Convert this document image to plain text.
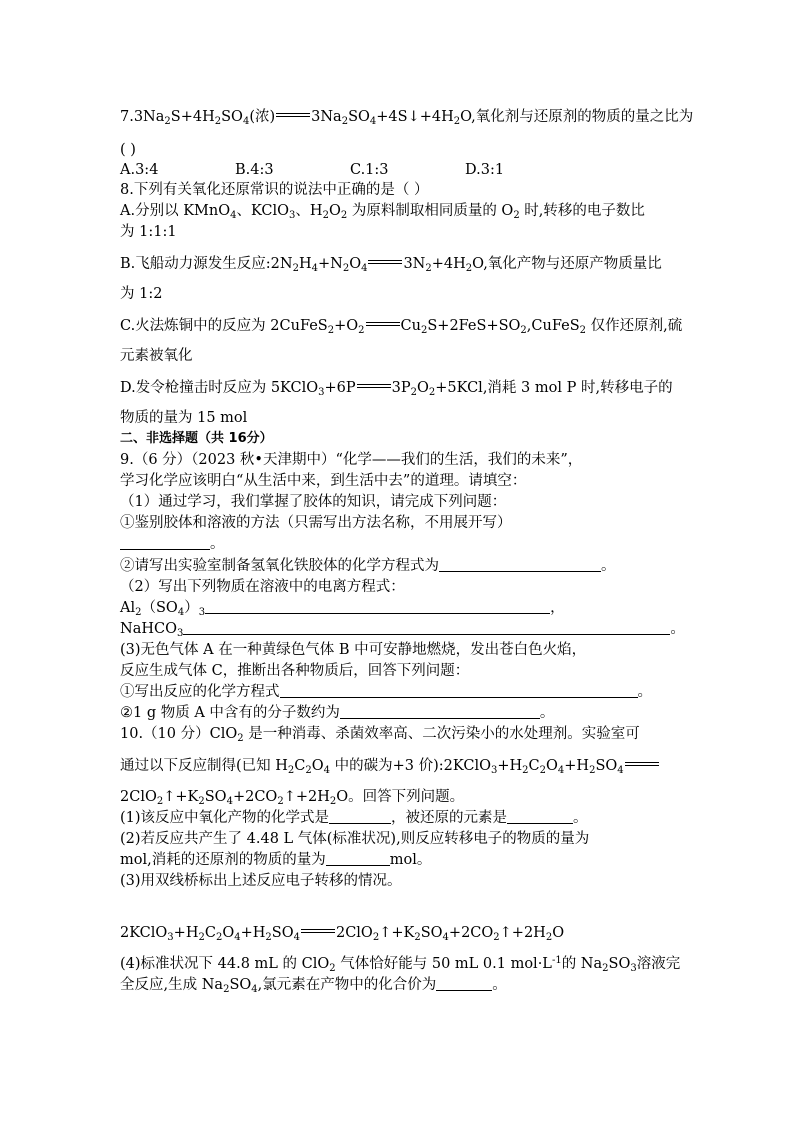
$7.3Na_2S+4H_2SO_4$(浓) $3Na_2SO_4+4S↓+4H_2O$,氧化剂与还原剂的物质的量之比为
( )
A.3:4	B.4:3	C.1:3	D.3:1
8.下列有关氧化还原常识的说法中正确的是（ ）
A.分别以 KMnO$_4$、KClO$_3$、$H_2O_2$ 为原料制取相同质量的 $O_2$ 时,转移的电子数比
为 1:1:1
B.飞船动力源发生反应$:2N_2H_4+N_2O_4$ $3N_2+4H_2O$,氧化产物与还原产物质量比
为 1:2
C.火法炼铜中的反应为 $2CuFeS_2+O_2$ $Cu_2S+2FeS+SO_2,CuFeS_2$ 仅作还原剂,硫
元素被氧化
D.发令枪撞击时反应为 5KClO$_3$+6P $3P_2O_2+5KCl$,消耗 3 mol P 时,转移电子的
物质的量为 15 mol
二、非选择题（共 16分）
9.（6 分）（2023 秋•天津期中）“化学——我们的生活，我们的未来”，
学习化学应该明白“从生活中来，到生活中去”的道理。请填空：
（1）通过学习，我们掌握了胶体的知识，请完成下列问题：
①鉴别胶体和溶液的方法（只需写出方法名称，不用展开写）
。
②请写出实验室制备氢氧化铁胶体的化学方程式为	。
（2）写出下列物质在溶液中的电离方程式：
$Al_2(SO_4)_3$	，
NaHCO$_3$	。
(3)无色气体 A 在一种黄绿色气体 B 中可安静地燃烧，发出苍白色火焰，
反应生成气体 C，推断出各种物质后，回答下列问题：
①写出反应的化学方程式	。
②1 g 物质 A 中含有的分子数约为	。
10.（10 分）ClO$_2$ 是一种消毒、杀菌效率高、二次污染小的水处理剂。实验室可
通过以下反应制得(已知 $H_2C_2O_4$ 中的碳为+3 价)$:2KClO_3+H_2C_2O_4+H_2SO_4$
$2ClO_2↑+K_2SO_4+2CO_2↑+2H_2O$。回答下列问题。
(1)该反应中氧化产物的化学式是	，被还原的元素是	。
(2)若反应共产生了 4.48 L 气体(标准状况),则反应转移电子的物质的量为
mol,消耗的还原剂的物质的量为	mol。
(3)用双线桥标出上述反应电子转移的情况。
$2KClO_3+H_2C_2O_4+H_2SO_4$ $2ClO_2↑+K_2SO_4+2CO_2↑+2H_2O$
(4)标准状况下 44.8 mL 的 ClO$_2$ 气体恰好能与 50 mL 0.1 $mol\cdot L^{-1}$的 $Na_2SO_3$溶液完
全反应,生成 $Na_2SO_4$,氯元素在产物中的化合价为	。
